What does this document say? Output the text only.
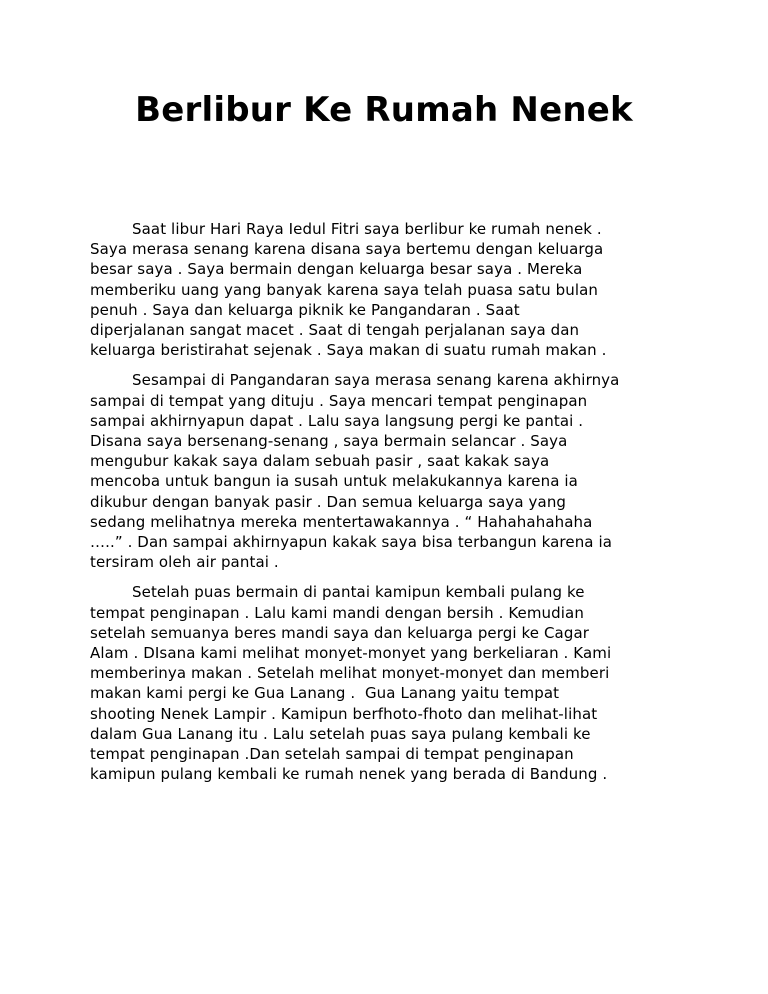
Berlibur Ke Rumah Nenek

Saat libur Hari Raya Iedul Fitri saya berlibur ke rumah nenek .
Saya merasa senang karena disana saya bertemu dengan keluarga
besar saya . Saya bermain dengan keluarga besar saya . Mereka
memberiku uang yang banyak karena saya telah puasa satu bulan
penuh . Saya dan keluarga piknik ke Pangandaran . Saat
diperjalanan sangat macet . Saat di tengah perjalanan saya dan
keluarga beristirahat sejenak . Saya makan di suatu rumah makan .

Sesampai di Pangandaran saya merasa senang karena akhirnya
sampai di tempat yang dituju . Saya mencari tempat penginapan
sampai akhirnyapun dapat . Lalu saya langsung pergi ke pantai .
Disana saya bersenang-senang , saya bermain selancar . Saya
mengubur kakak saya dalam sebuah pasir , saat kakak saya
mencoba untuk bangun ia susah untuk melakukannya karena ia
dikubur dengan banyak pasir . Dan semua keluarga saya yang
sedang melihatnya mereka mentertawakannya . “ Hahahahahaha
…..” . Dan sampai akhirnyapun kakak saya bisa terbangun karena ia
tersiram oleh air pantai .

Setelah puas bermain di pantai kamipun kembali pulang ke
tempat penginapan . Lalu kami mandi dengan bersih . Kemudian
setelah semuanya beres mandi saya dan keluarga pergi ke Cagar
Alam . DIsana kami melihat monyet-monyet yang berkeliaran . Kami
memberinya makan . Setelah melihat monyet-monyet dan memberi
makan kami pergi ke Gua Lanang .  Gua Lanang yaitu tempat
shooting Nenek Lampir . Kamipun berfhoto-fhoto dan melihat-lihat
dalam Gua Lanang itu . Lalu setelah puas saya pulang kembali ke
tempat penginapan .Dan setelah sampai di tempat penginapan
kamipun pulang kembali ke rumah nenek yang berada di Bandung .
